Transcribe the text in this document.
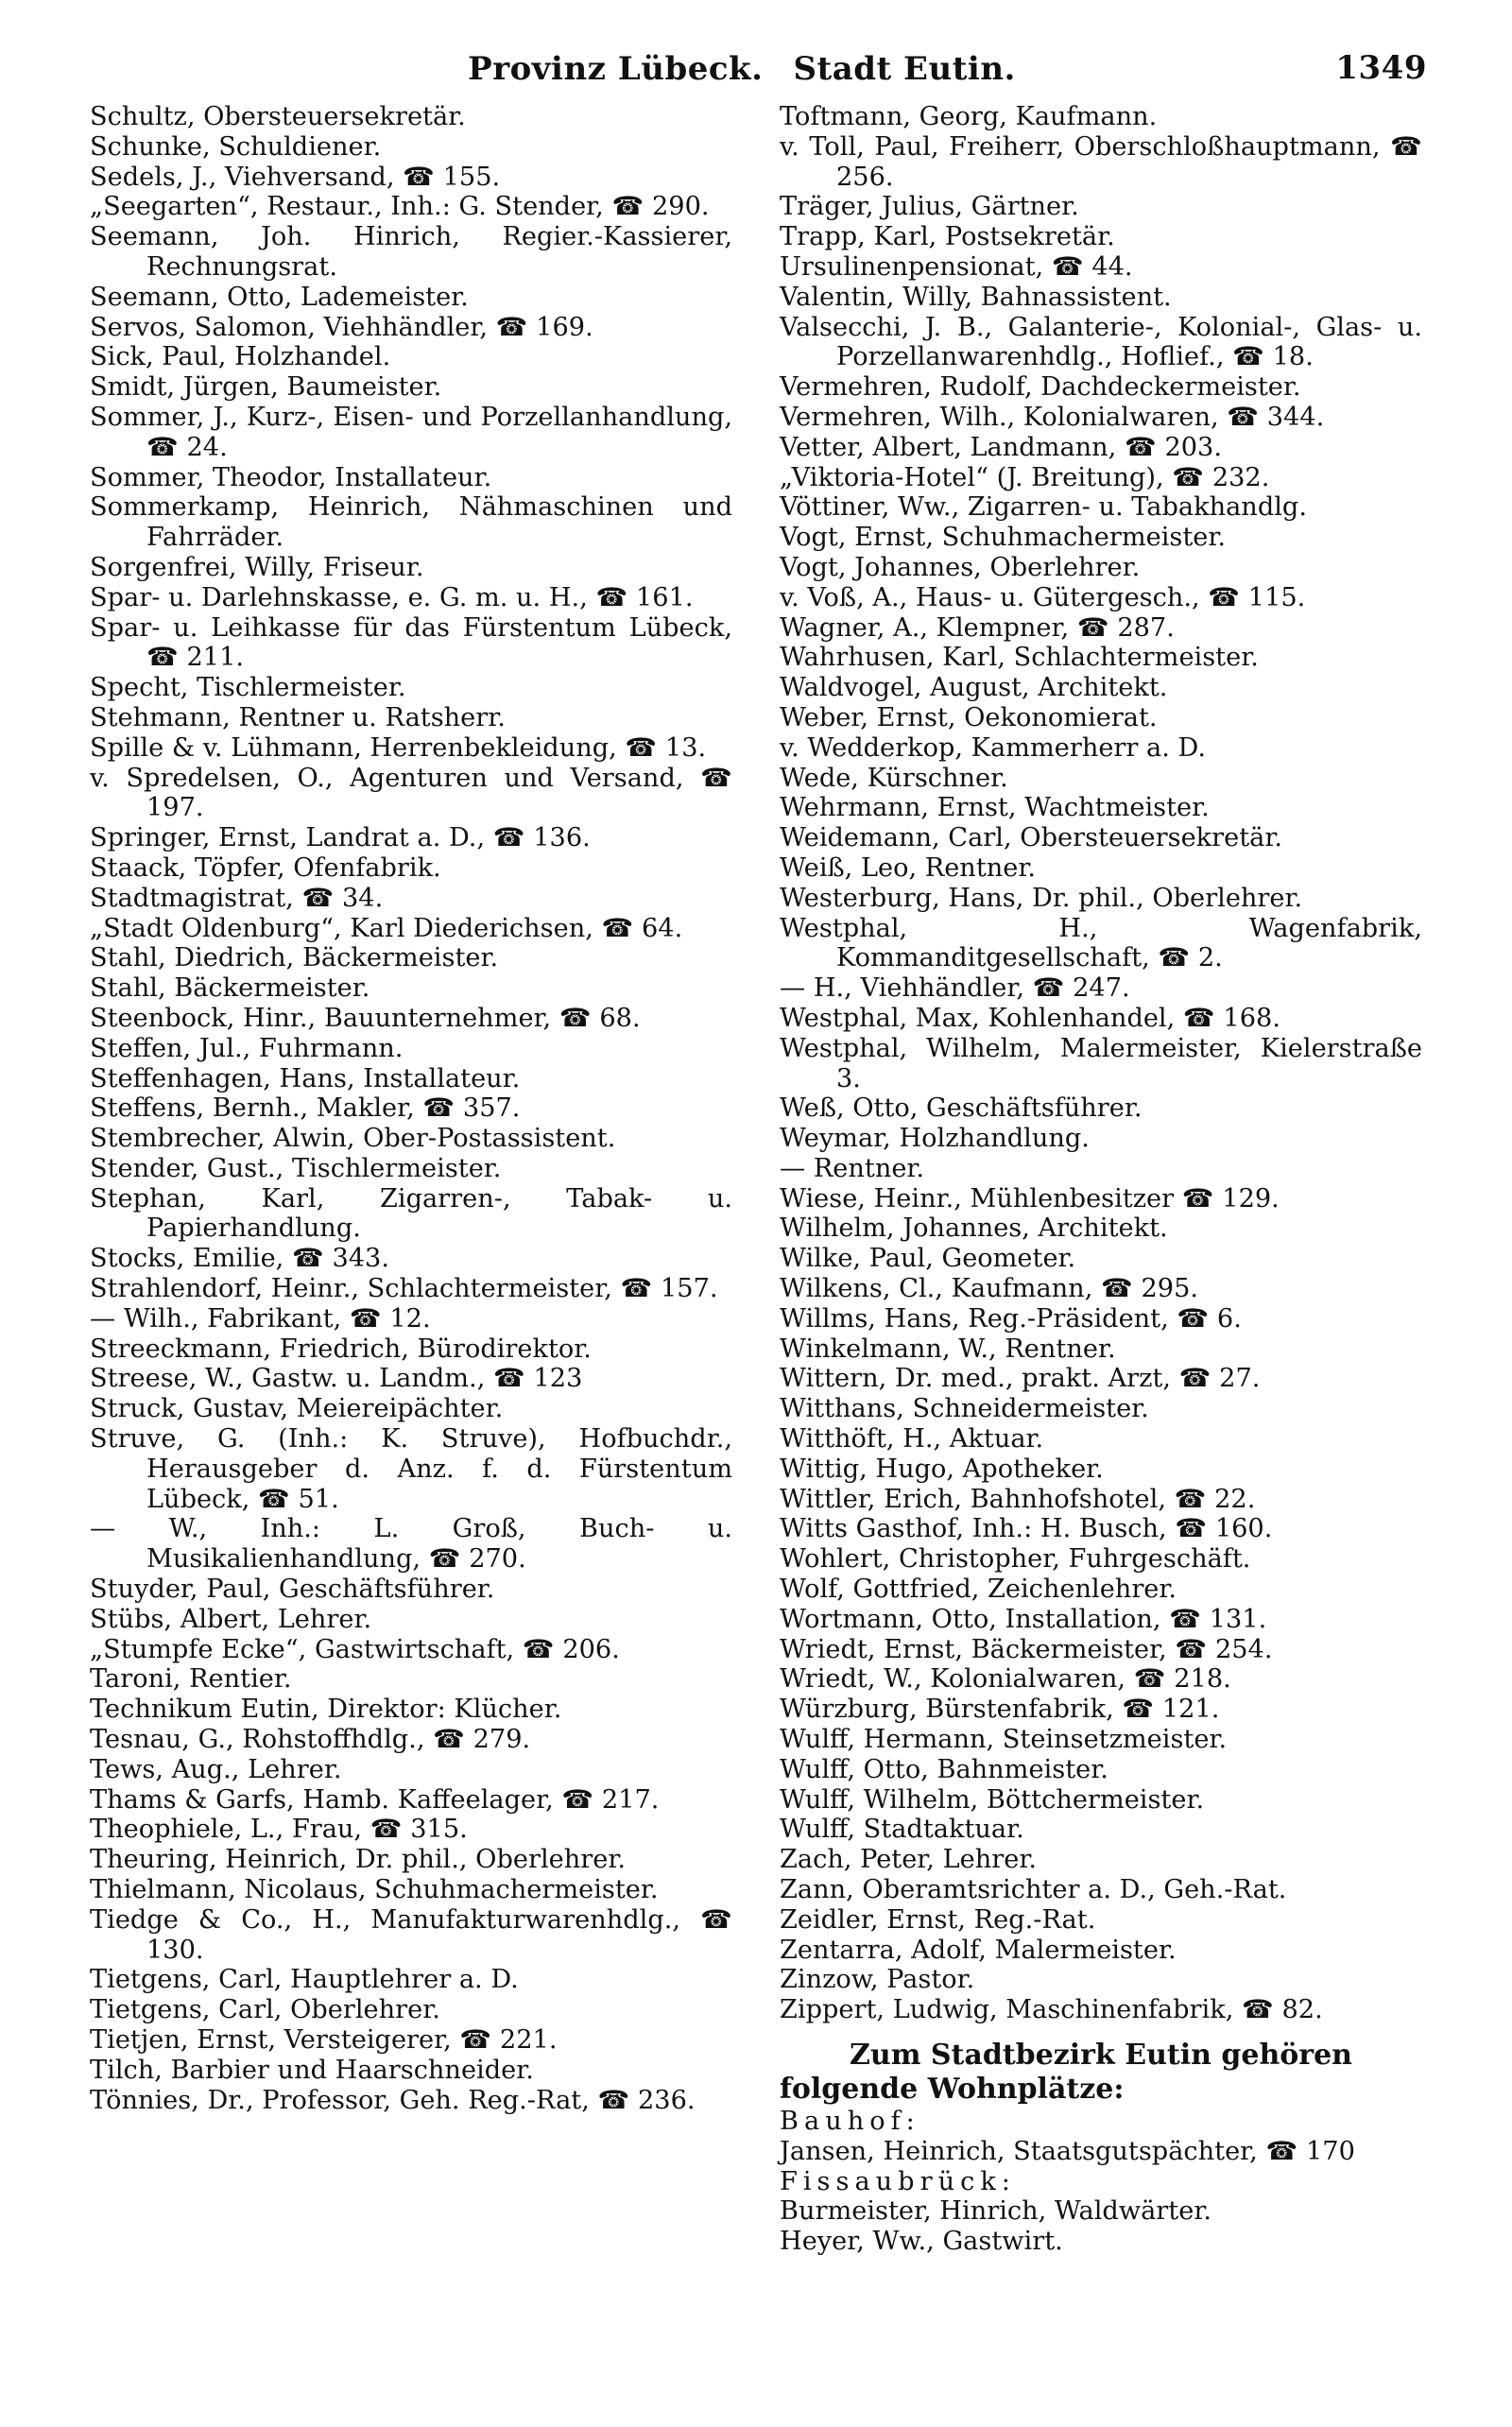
Provinz Lübeck. Stadt Eutin.	1349
Schultz, Obersteuersekretär.
Schunke, Schuldiener.
Sedels, J., Viehversand, ☎ 155.
„Seegarten“, Restaur., Inh.: G. Stender, ☎ 290.
Seemann, Joh. Hinrich, Regier.-Kassierer, Rechnungsrat.
Seemann, Otto, Lademeister.
Servos, Salomon, Viehhändler, ☎ 169.
Sick, Paul, Holzhandel.
Smidt, Jürgen, Baumeister.
Sommer, J., Kurz-, Eisen- und Porzellanhandlung, ☎ 24.
Sommer, Theodor, Installateur.
Sommerkamp, Heinrich, Nähmaschinen und Fahrräder.
Sorgenfrei, Willy, Friseur.
Spar- u. Darlehnskasse, e. G. m. u. H., ☎ 161.
Spar- u. Leihkasse für das Fürstentum Lübeck, ☎ 211.
Specht, Tischlermeister.
Stehmann, Rentner u. Ratsherr.
Spille & v. Lühmann, Herrenbekleidung, ☎ 13.
v. Spredelsen, O., Agenturen und Versand, ☎ 197.
Springer, Ernst, Landrat a. D., ☎ 136.
Staack, Töpfer, Ofenfabrik.
Stadtmagistrat, ☎ 34.
„Stadt Oldenburg“, Karl Diederichsen, ☎ 64.
Stahl, Diedrich, Bäckermeister.
Stahl, Bäckermeister.
Steenbock, Hinr., Bauunternehmer, ☎ 68.
Steffen, Jul., Fuhrmann.
Steffenhagen, Hans, Installateur.
Steffens, Bernh., Makler, ☎ 357.
Stembrecher, Alwin, Ober-Postassistent.
Stender, Gust., Tischlermeister.
Stephan, Karl, Zigarren-, Tabak- u. Papierhandlung.
Stocks, Emilie, ☎ 343.
Strahlendorf, Heinr., Schlachtermeister, ☎ 157.
— Wilh., Fabrikant, ☎ 12.
Streeckmann, Friedrich, Bürodirektor.
Streese, W., Gastw. u. Landm., ☎ 123
Struck, Gustav, Meiereipächter.
Struve, G. (Inh.: K. Struve), Hofbuchdr., Herausgeber d. Anz. f. d. Fürstentum Lübeck, ☎ 51.
— W., Inh.: L. Groß, Buch- u. Musikalienhandlung, ☎ 270.
Stuyder, Paul, Geschäftsführer.
Stübs, Albert, Lehrer.
„Stumpfe Ecke“, Gastwirtschaft, ☎ 206.
Taroni, Rentier.
Technikum Eutin, Direktor: Klücher.
Tesnau, G., Rohstoffhdlg., ☎ 279.
Tews, Aug., Lehrer.
Thams & Garfs, Hamb. Kaffeelager, ☎ 217.
Theophiele, L., Frau, ☎ 315.
Theuring, Heinrich, Dr. phil., Oberlehrer.
Thielmann, Nicolaus, Schuhmachermeister.
Tiedge & Co., H., Manufakturwarenhdlg., ☎ 130.
Tietgens, Carl, Hauptlehrer a. D.
Tietgens, Carl, Oberlehrer.
Tietjen, Ernst, Versteigerer, ☎ 221.
Tilch, Barbier und Haarschneider.
Tönnies, Dr., Professor, Geh. Reg.-Rat, ☎ 236.
Toftmann, Georg, Kaufmann.
v. Toll, Paul, Freiherr, Oberschloßhauptmann, ☎ 256.
Träger, Julius, Gärtner.
Trapp, Karl, Postsekretär.
Ursulinenpensionat, ☎ 44.
Valentin, Willy, Bahnassistent.
Valsecchi, J. B., Galanterie-, Kolonial-, Glas- u. Porzellanwarenhdlg., Hoflief., ☎ 18.
Vermehren, Rudolf, Dachdeckermeister.
Vermehren, Wilh., Kolonialwaren, ☎ 344.
Vetter, Albert, Landmann, ☎ 203.
„Viktoria-Hotel“ (J. Breitung), ☎ 232.
Vöttiner, Ww., Zigarren- u. Tabakhandlg.
Vogt, Ernst, Schuhmachermeister.
Vogt, Johannes, Oberlehrer.
v. Voß, A., Haus- u. Gütergesch., ☎ 115.
Wagner, A., Klempner, ☎ 287.
Wahrhusen, Karl, Schlachtermeister.
Waldvogel, August, Architekt.
Weber, Ernst, Oekonomierat.
v. Wedderkop, Kammerherr a. D.
Wede, Kürschner.
Wehrmann, Ernst, Wachtmeister.
Weidemann, Carl, Obersteuersekretär.
Weiß, Leo, Rentner.
Westerburg, Hans, Dr. phil., Oberlehrer.
Westphal, H., Wagenfabrik, Kommanditgesellschaft, ☎ 2.
— H., Viehhändler, ☎ 247.
Westphal, Max, Kohlenhandel, ☎ 168.
Westphal, Wilhelm, Malermeister, Kielerstraße 3.
Weß, Otto, Geschäftsführer.
Weymar, Holzhandlung.
— Rentner.
Wiese, Heinr., Mühlenbesitzer ☎ 129.
Wilhelm, Johannes, Architekt.
Wilke, Paul, Geometer.
Wilkens, Cl., Kaufmann, ☎ 295.
Willms, Hans, Reg.-Präsident, ☎ 6.
Winkelmann, W., Rentner.
Wittern, Dr. med., prakt. Arzt, ☎ 27.
Witthans, Schneidermeister.
Witthöft, H., Aktuar.
Wittig, Hugo, Apotheker.
Wittler, Erich, Bahnhofshotel, ☎ 22.
Witts Gasthof, Inh.: H. Busch, ☎ 160.
Wohlert, Christopher, Fuhrgeschäft.
Wolf, Gottfried, Zeichenlehrer.
Wortmann, Otto, Installation, ☎ 131.
Wriedt, Ernst, Bäckermeister, ☎ 254.
Wriedt, W., Kolonialwaren, ☎ 218.
Würzburg, Bürstenfabrik, ☎ 121.
Wulff, Hermann, Steinsetzmeister.
Wulff, Otto, Bahnmeister.
Wulff, Wilhelm, Böttchermeister.
Wulff, Stadtaktuar.
Zach, Peter, Lehrer.
Zann, Oberamtsrichter a. D., Geh.-Rat.
Zeidler, Ernst, Reg.-Rat.
Zentarra, Adolf, Malermeister.
Zinzow, Pastor.
Zippert, Ludwig, Maschinenfabrik, ☎ 82.
Zum Stadtbezirk Eutin gehören folgende Wohnplätze:
Bauhof:
Jansen, Heinrich, Staatsgutspächter, ☎ 170
Fissaubrück:
Burmeister, Hinrich, Waldwärter.
Heyer, Ww., Gastwirt.
